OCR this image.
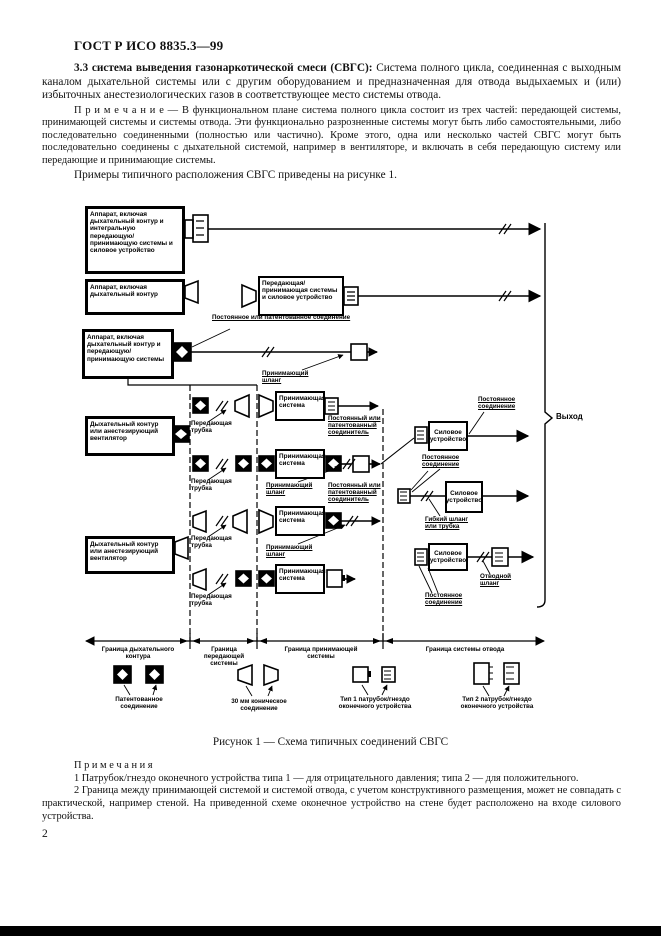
ГОСТ Р ИСО 8835.3—99

3.3 система выведения газонаркотической смеси (СВГС): Система полного цикла, соединенная с выходным каналом дыхательной системы или с другим оборудованием и предназначенная для отвода выдыхаемых и (или) избыточных анестезиологических газов в соответствующее место системы отвода.

П р и м е ч а н и е — В функциональном плане система полного цикла состоит из трех частей: передающей системы, принимающей системы и системы отвода. Эти функционально разрозненные системы могут быть либо самостоятельными, либо последовательно соединенными (полностью или частично). Кроме этого, одна или несколько частей СВГС могут быть последовательно соединены с дыхательной системой, например в вентиляторе, и включать в себя передающую систему или передающие и принимающие системы.

Примеры типичного расположения СВГС приведены на рисунке 1.

Аппарат, включая дыхательный контур и интегральную передающую/принимающую системы и силовое устройство
Аппарат, включая дыхательный контур
Аппарат, включая дыхательный контур и передающую/принимающую системы
Дыхательный контур или анестезирующий вентилятор
Дыхательный контур или анестезирующий вентилятор
Передающая/принимающая системы и силовое устройство
Принимающая система
Принимающая система
Принимающая система
Принимающая система
Силовое устройство
Силовое устройство
Силовое устройство
Постоянное или патентованное соединение
Принимающий шланг
Передающая трубка
Передающая трубка
Передающая трубка
Передающая трубка
Принимающий шланг
Принимающий шланг
Постоянный или патентованный соединитель
Постоянный или патентованный соединитель
Постоянное соединение
Постоянное соединение
Гибкий шланг или трубка
Отводной шланг
Постоянное соединение
Выход
Граница дыхательного контура
Граница передающей системы
Граница принимающей системы
Граница системы отвода
Патентованное соединение
30 мм коническое соединение
Тип 1 патрубок/гнездо оконечного устройства
Тип 2 патрубок/гнездо оконечного устройства
Рисунок 1 — Схема типичных соединений СВГС

П р и м е ч а н и я

1 Патрубок/гнездо оконечного устройства типа 1 — для отрицательного давления; типа 2 — для положительного.

2 Граница между принимающей системой и системой отвода, с учетом конструктивного размещения, может не совпадать с практической, например стеной. На приведенной схеме оконечное устройство на стене будет расположено на входе силового устройства.

2
